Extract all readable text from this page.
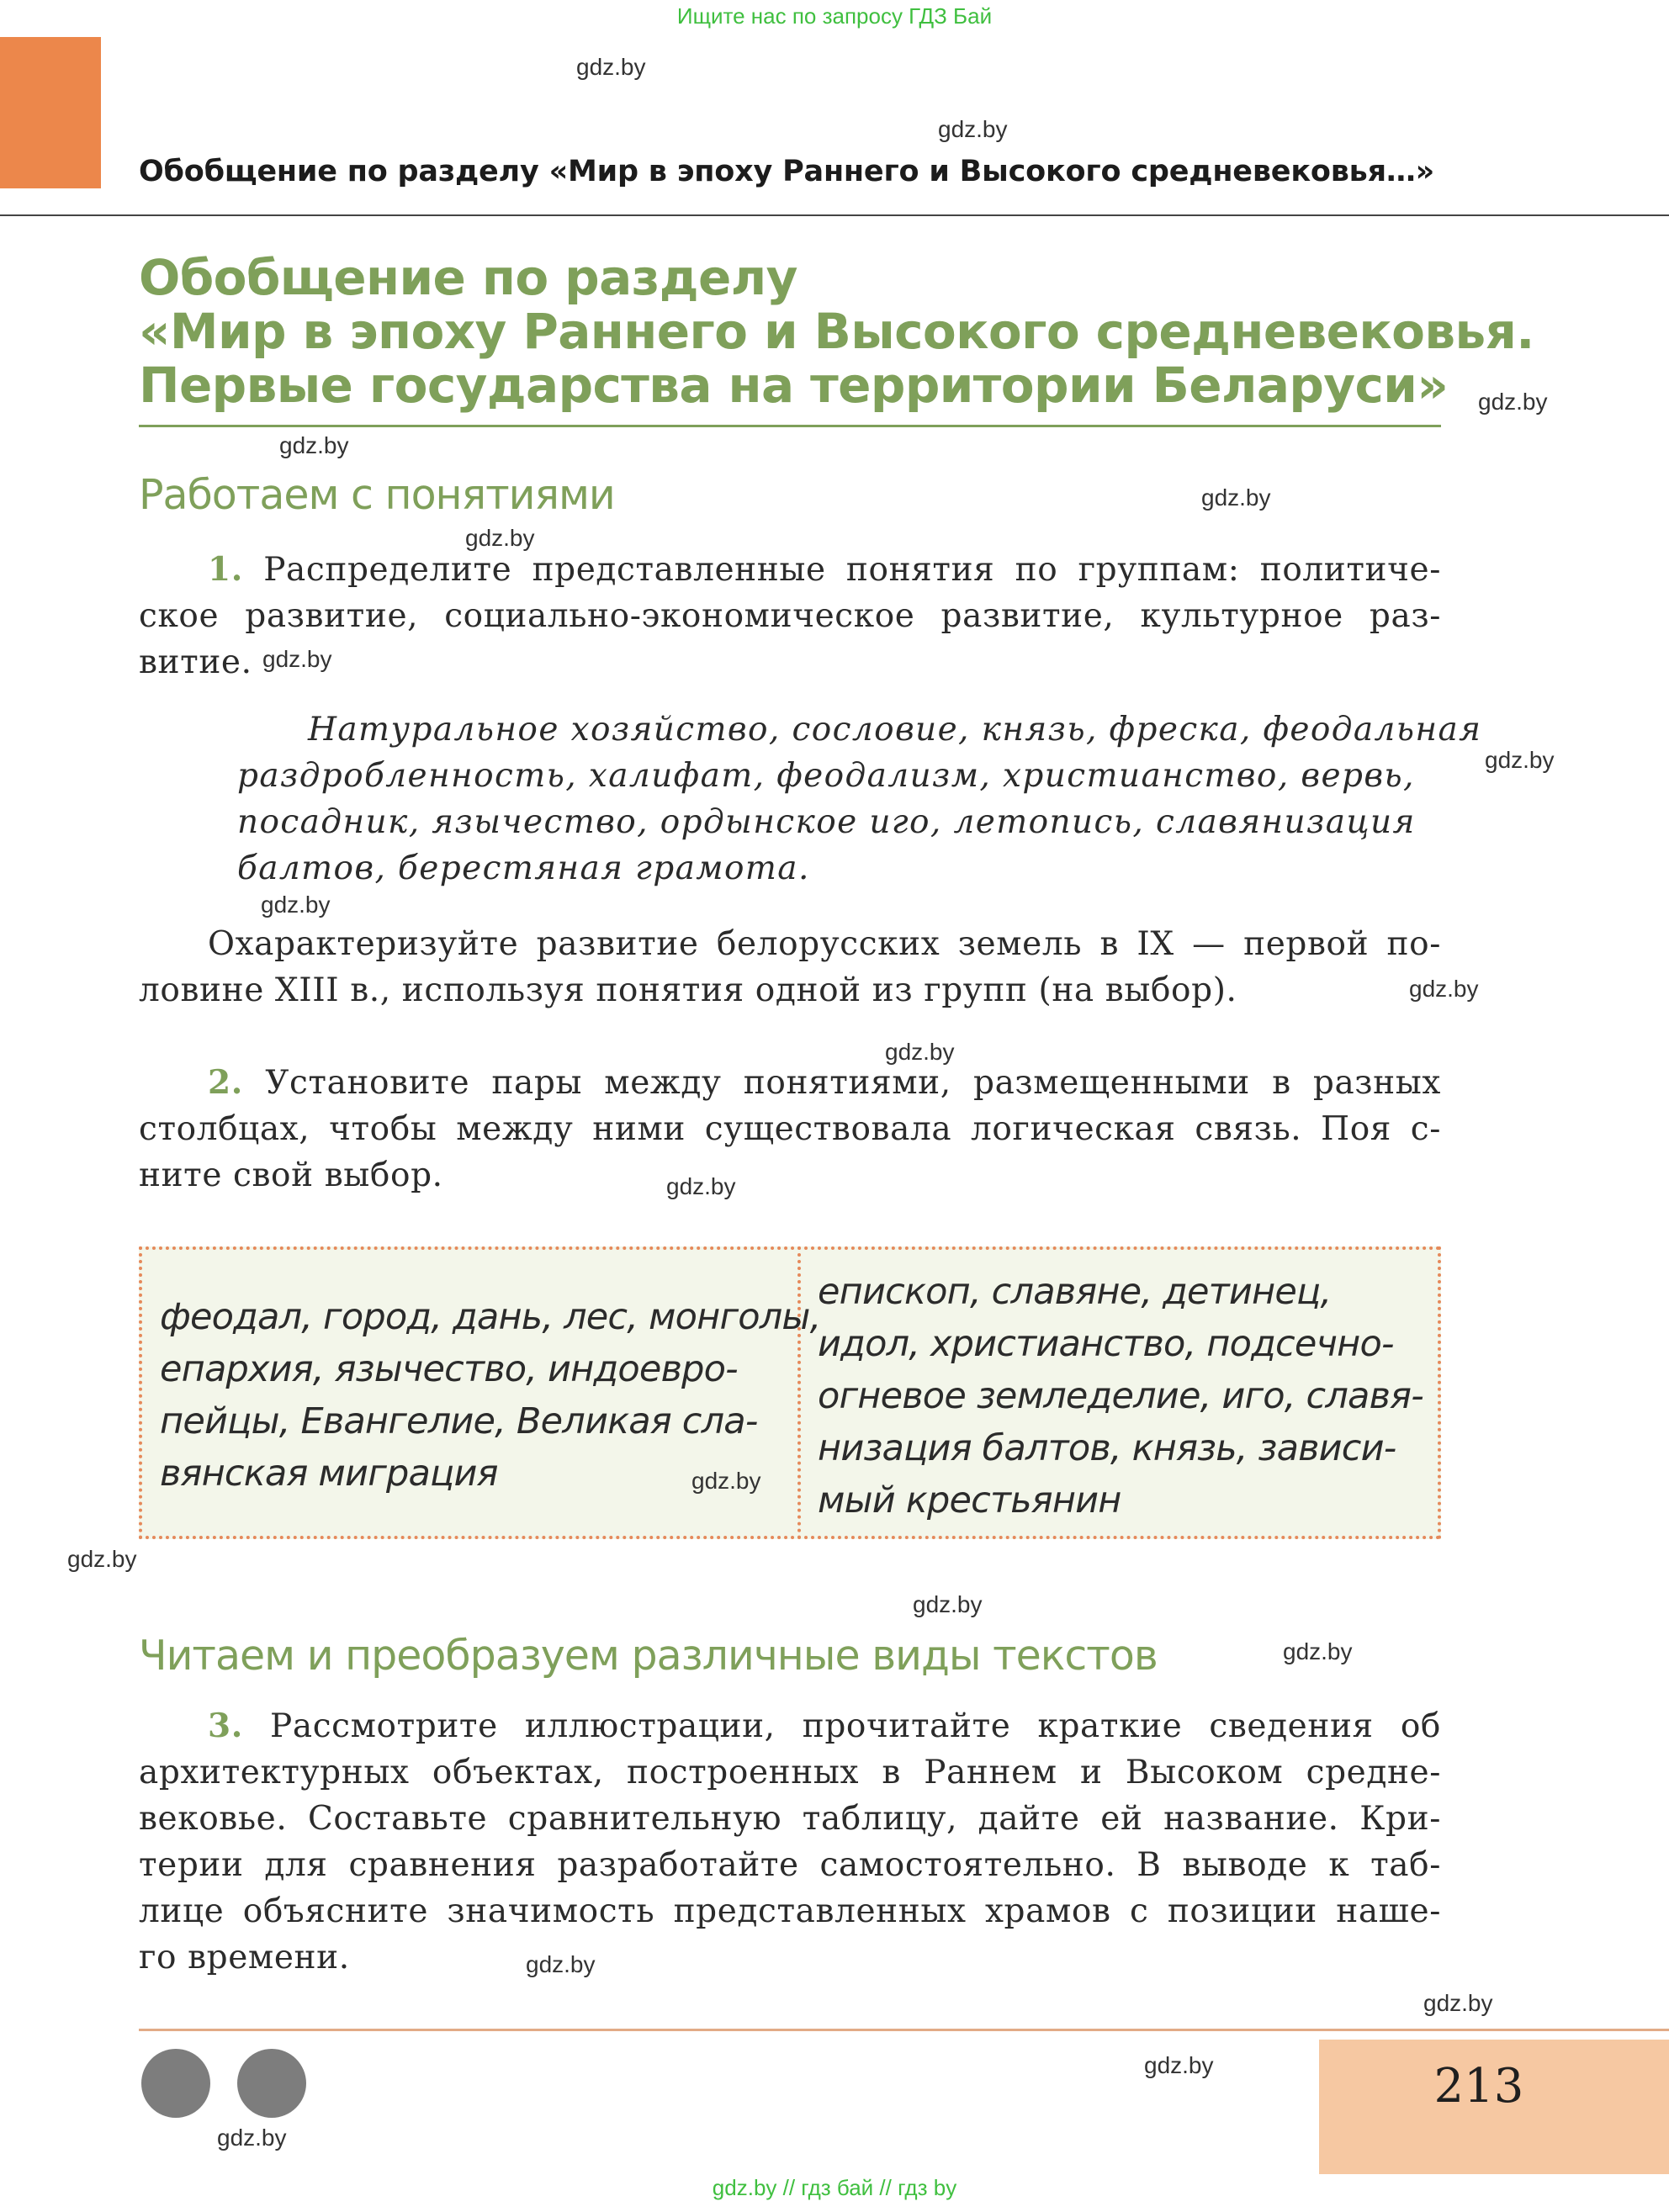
Ищите нас по запросу ГДЗ Бай
Обобщение по разделу «Мир в эпоху Раннего и Высокого средневековья…»
Обобщение по разделу
«Мир в эпоху Раннего и Высокого средневековья.
Первые государства на территории Беларуси»
Работаем с понятиями
1. Распределите представленные понятия по группам: политиче-
ское развитие, социально-экономическое развитие, культурное раз-
витие.
Натуральное хозяйство, сословие, князь, фреска, феодальная
раздробленность, халифат, феодализм, христианство, вервь,
посадник, язычество, ордынское иго, летопись, славянизация
балтов, берестяная грамота.
Охарактеризуйте развитие белорусских земель в IX — первой по-
ловине XIII в., используя понятия одной из групп (на выбор).
2. Установите пары между понятиями, размещенными в разных
столбцах, чтобы между ними существовала логическая связь. Поя с-
ните свой выбор.
феодал, город, дань, лес, монголы,
епархия, язычество, индоевро-
пейцы, Евангелие, Великая сла-
вянская миграция
епископ, славяне, детинец,
идол, христианство, подсечно-
огневое земледелие, иго, славя-
низация балтов, князь, зависи-
мый крестьянин
Читаем и преобразуем различные виды текстов
3. Рассмотрите иллюстрации, прочитайте краткие сведения об
архитектурных объектах, построенных в Раннем и Высоком средне-
вековье. Составьте сравнительную таблицу, дайте ей название. Кри-
терии для сравнения разработайте самостоятельно. В выводе к таб-
лице объясните значимость представленных храмов с позиции наше-
го времени.
213
gdz.by // гдз бай // гдз by
gdz.by
gdz.by
gdz.by
gdz.by
gdz.by
gdz.by
gdz.by
gdz.by
gdz.by
gdz.by
gdz.by
gdz.by
gdz.by
gdz.by
gdz.by
gdz.by
gdz.by
gdz.by
gdz.by
gdz.by
